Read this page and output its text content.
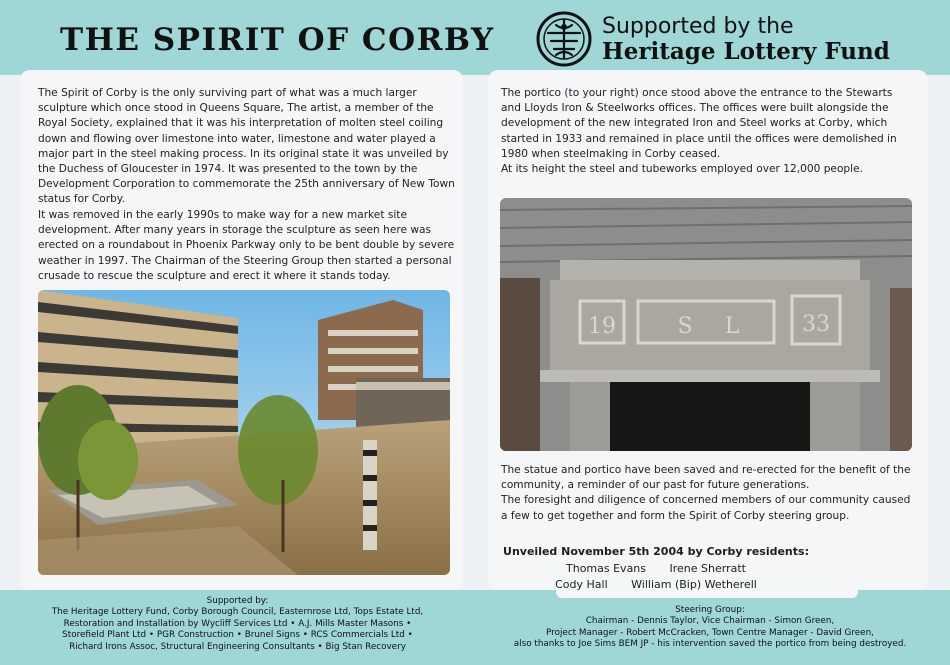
THE SPIRIT OF CORBY	Supported by the
Heritage Lottery Fund

The Spirit of Corby is the only surviving part of what was a much larger sculpture which once stood in Queens Square, The artist, a member of the Royal Society, explained that it was his interpretation of molten steel coiling down and flowing over limestone into water, limestone and water played a major part in the steel making process. In its original state it was unveiled by the Duchess of Gloucester in 1974. It was presented to the town by the Development Corporation to commemorate the 25th anniversary of New Town status for Corby.

It was removed in the early 1990s to make way for a new market site development. After many years in storage the sculpture as seen here was erected on a roundabout in Phoenix Parkway only to be bent double by severe weather in 1997. The Chairman of the Steering Group then started a personal crusade to rescue the sculpture and erect it where it stands today.

The portico (to your right) once stood above the entrance to the Stewarts and Lloyds Iron & Steelworks offices. The offices were built alongside the development of the new integrated Iron and Steel works at Corby, which started in 1933 and remained in place until the offices were demolished in 1980 when steelmaking in Corby ceased.
At its height the steel and tubeworks employed over 12,000 people.

19	S L	33

The statue and portico have been saved and re-erected for the benefit of the community, a reminder of our past for future generations.
The foresight and diligence of concerned members of our community caused a few to get together and form the Spirit of Corby steering group.

Unveiled November 5th 2004 by Corby residents:
Thomas Evans Irene Sherratt
Cody Hall William (Bip) Wetherell
Supported by:
The Heritage Lottery Fund, Corby Borough Council, Easternrose Ltd, Tops Estate Ltd,
Restoration and Installation by Wycliff Services Ltd • A.J. Mills Master Masons •
Storefield Plant Ltd • PGR Construction • Brunel Signs • RCS Commercials Ltd •
Richard Irons Assoc, Structural Engineering Consultants • Big Stan Recovery
Steering Group:
Chairman - Dennis Taylor, Vice Chairman - Simon Green,
Project Manager - Robert McCracken, Town Centre Manager - David Green,
also thanks to Joe Sims BEM JP - his intervention saved the portico from being destroyed.
